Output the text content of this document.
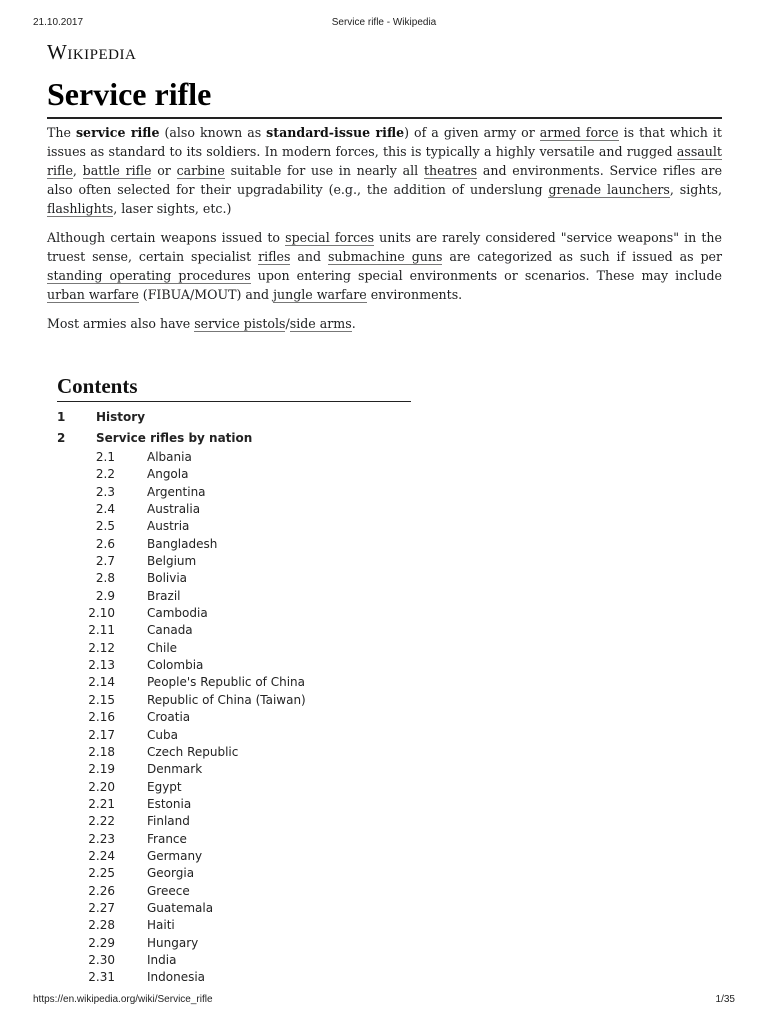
21.10.2017	Service rifle - Wikipedia
Wikipedia
Service rifle

The service rifle (also known as standard-issue rifle) of a given army or armed force is that which it issues as standard to its soldiers. In modern forces, this is typically a highly versatile and rugged assault rifle, battle rifle or carbine suitable for use in nearly all theatres and environments. Service rifles are also often selected for their upgradability (e.g., the addition of underslung grenade launchers, sights, flashlights, laser sights, etc.)

Although certain weapons issued to special forces units are rarely considered "service weapons" in the truest sense, certain specialist rifles and submachine guns are categorized as such if issued as per standing operating procedures upon entering special environments or scenarios. These may include urban warfare (FIBUA/MOUT) and jungle warfare environments.

Most armies also have service pistols/side arms.

Contents
1	History
2	Service rifles by nation
2.1	Albania
2.2	Angola
2.3	Argentina
2.4	Australia
2.5	Austria
2.6	Bangladesh
2.7	Belgium
2.8	Bolivia
2.9	Brazil
2.10	Cambodia
2.11	Canada
2.12	Chile
2.13	Colombia
2.14	People's Republic of China
2.15	Republic of China (Taiwan)
2.16	Croatia
2.17	Cuba
2.18	Czech Republic
2.19	Denmark
2.20	Egypt
2.21	Estonia
2.22	Finland
2.23	France
2.24	Germany
2.25	Georgia
2.26	Greece
2.27	Guatemala
2.28	Haiti
2.29	Hungary
2.30	India
2.31	Indonesia
https://en.wikipedia.org/wiki/Service_rifle	1/35
